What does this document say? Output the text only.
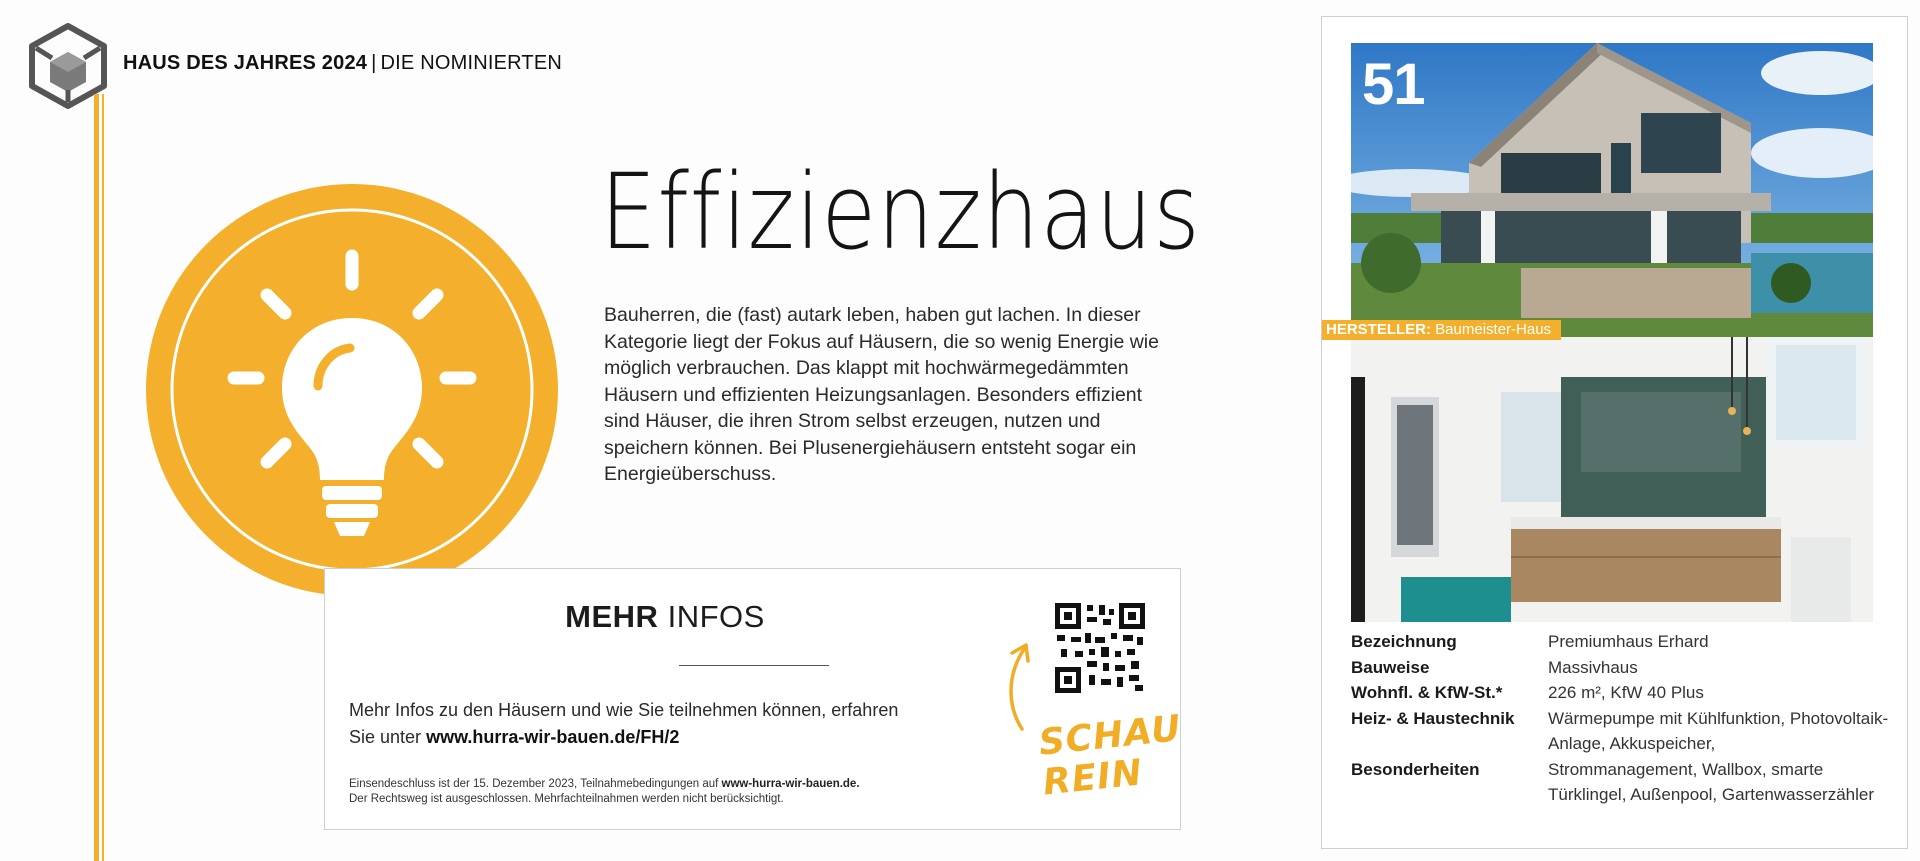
HAUS DES JAHRES 2024 | DIE NOMINIERTEN
Effizienzhaus

Bauherren, die (fast) autark leben, haben gut lachen. In dieser Kategorie liegt der Fokus auf Häusern, die so wenig Energie wie möglich verbrauchen. Das klappt mit hochwärmegedämmten Häusern und effizienten Heizungsanlagen. Besonders effizient sind Häuser, die ihren Strom selbst erzeugen, nutzen und speichern können. Bei Plusenergiehäusern entsteht sogar ein Energieüberschuss.

MEHR INFOS
Mehr Infos zu den Häusern und wie Sie teilnehmen können, erfahren Sie unter www.hurra-wir-bauen.de/FH/2
Einsendeschluss ist der 15. Dezember 2023, Teilnahmebedingungen auf www-hurra-wir-bauen.de.
Der Rechtsweg ist ausgeschlossen. Mehrfachteilnahmen werden nicht berücksichtigt.
SCHAU
REIN
51
HERSTELLER: Baumeister-Haus
Bezeichnung	Premiumhaus Erhard
Bauweise	Massivhaus
Wohnfl. & KfW-St.*	226 m², KfW 40 Plus
Heiz- & Haustechnik	Wärmepumpe mit Kühlfunktion, Photovoltaik-Anlage, Akkuspeicher,
Besonderheiten	Strommanagement, Wallbox, smarte Türklingel, Außenpool, Gartenwasserzähler
